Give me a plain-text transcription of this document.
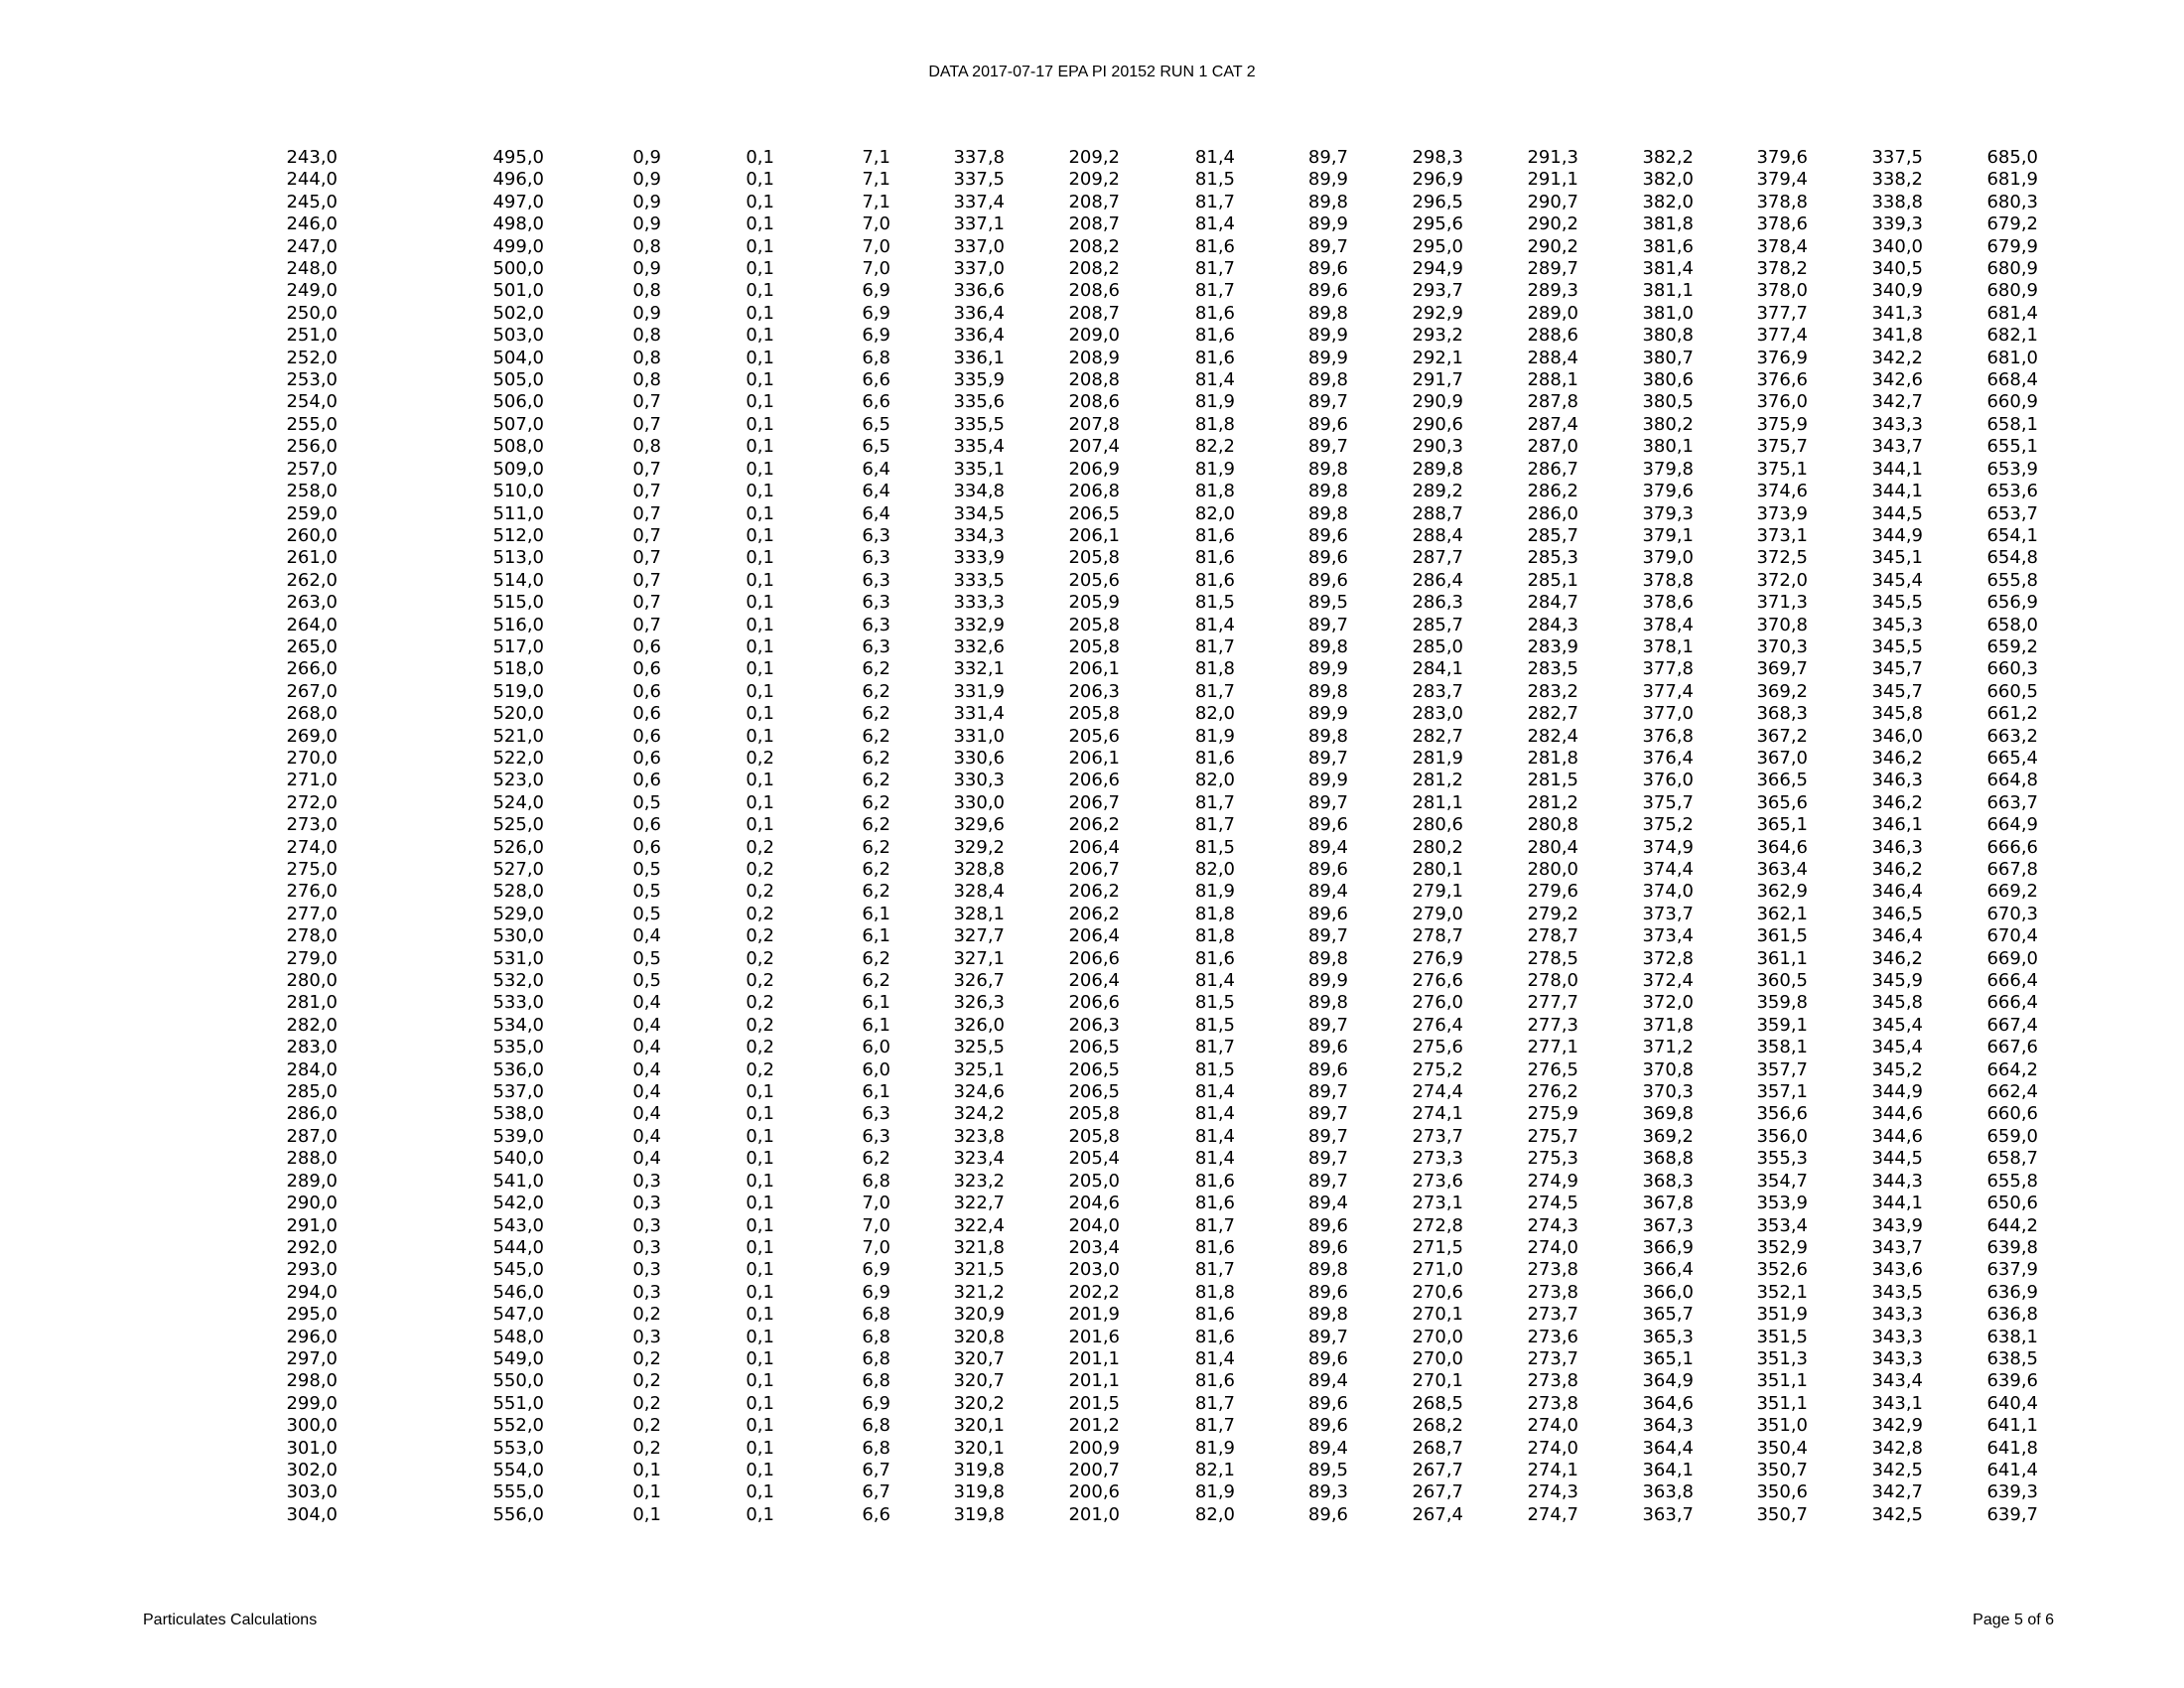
DATA 2017-07-17 EPA PI 20152 RUN 1 CAT 2
243,0	495,0	0,9	0,1	7,1	337,8	209,2	81,4	89,7	298,3	291,3	382,2	379,6	337,5	685,0
244,0	496,0	0,9	0,1	7,1	337,5	209,2	81,5	89,9	296,9	291,1	382,0	379,4	338,2	681,9
245,0	497,0	0,9	0,1	7,1	337,4	208,7	81,7	89,8	296,5	290,7	382,0	378,8	338,8	680,3
246,0	498,0	0,9	0,1	7,0	337,1	208,7	81,4	89,9	295,6	290,2	381,8	378,6	339,3	679,2
247,0	499,0	0,8	0,1	7,0	337,0	208,2	81,6	89,7	295,0	290,2	381,6	378,4	340,0	679,9
248,0	500,0	0,9	0,1	7,0	337,0	208,2	81,7	89,6	294,9	289,7	381,4	378,2	340,5	680,9
249,0	501,0	0,8	0,1	6,9	336,6	208,6	81,7	89,6	293,7	289,3	381,1	378,0	340,9	680,9
250,0	502,0	0,9	0,1	6,9	336,4	208,7	81,6	89,8	292,9	289,0	381,0	377,7	341,3	681,4
251,0	503,0	0,8	0,1	6,9	336,4	209,0	81,6	89,9	293,2	288,6	380,8	377,4	341,8	682,1
252,0	504,0	0,8	0,1	6,8	336,1	208,9	81,6	89,9	292,1	288,4	380,7	376,9	342,2	681,0
253,0	505,0	0,8	0,1	6,6	335,9	208,8	81,4	89,8	291,7	288,1	380,6	376,6	342,6	668,4
254,0	506,0	0,7	0,1	6,6	335,6	208,6	81,9	89,7	290,9	287,8	380,5	376,0	342,7	660,9
255,0	507,0	0,7	0,1	6,5	335,5	207,8	81,8	89,6	290,6	287,4	380,2	375,9	343,3	658,1
256,0	508,0	0,8	0,1	6,5	335,4	207,4	82,2	89,7	290,3	287,0	380,1	375,7	343,7	655,1
257,0	509,0	0,7	0,1	6,4	335,1	206,9	81,9	89,8	289,8	286,7	379,8	375,1	344,1	653,9
258,0	510,0	0,7	0,1	6,4	334,8	206,8	81,8	89,8	289,2	286,2	379,6	374,6	344,1	653,6
259,0	511,0	0,7	0,1	6,4	334,5	206,5	82,0	89,8	288,7	286,0	379,3	373,9	344,5	653,7
260,0	512,0	0,7	0,1	6,3	334,3	206,1	81,6	89,6	288,4	285,7	379,1	373,1	344,9	654,1
261,0	513,0	0,7	0,1	6,3	333,9	205,8	81,6	89,6	287,7	285,3	379,0	372,5	345,1	654,8
262,0	514,0	0,7	0,1	6,3	333,5	205,6	81,6	89,6	286,4	285,1	378,8	372,0	345,4	655,8
263,0	515,0	0,7	0,1	6,3	333,3	205,9	81,5	89,5	286,3	284,7	378,6	371,3	345,5	656,9
264,0	516,0	0,7	0,1	6,3	332,9	205,8	81,4	89,7	285,7	284,3	378,4	370,8	345,3	658,0
265,0	517,0	0,6	0,1	6,3	332,6	205,8	81,7	89,8	285,0	283,9	378,1	370,3	345,5	659,2
266,0	518,0	0,6	0,1	6,2	332,1	206,1	81,8	89,9	284,1	283,5	377,8	369,7	345,7	660,3
267,0	519,0	0,6	0,1	6,2	331,9	206,3	81,7	89,8	283,7	283,2	377,4	369,2	345,7	660,5
268,0	520,0	0,6	0,1	6,2	331,4	205,8	82,0	89,9	283,0	282,7	377,0	368,3	345,8	661,2
269,0	521,0	0,6	0,1	6,2	331,0	205,6	81,9	89,8	282,7	282,4	376,8	367,2	346,0	663,2
270,0	522,0	0,6	0,2	6,2	330,6	206,1	81,6	89,7	281,9	281,8	376,4	367,0	346,2	665,4
271,0	523,0	0,6	0,1	6,2	330,3	206,6	82,0	89,9	281,2	281,5	376,0	366,5	346,3	664,8
272,0	524,0	0,5	0,1	6,2	330,0	206,7	81,7	89,7	281,1	281,2	375,7	365,6	346,2	663,7
273,0	525,0	0,6	0,1	6,2	329,6	206,2	81,7	89,6	280,6	280,8	375,2	365,1	346,1	664,9
274,0	526,0	0,6	0,2	6,2	329,2	206,4	81,5	89,4	280,2	280,4	374,9	364,6	346,3	666,6
275,0	527,0	0,5	0,2	6,2	328,8	206,7	82,0	89,6	280,1	280,0	374,4	363,4	346,2	667,8
276,0	528,0	0,5	0,2	6,2	328,4	206,2	81,9	89,4	279,1	279,6	374,0	362,9	346,4	669,2
277,0	529,0	0,5	0,2	6,1	328,1	206,2	81,8	89,6	279,0	279,2	373,7	362,1	346,5	670,3
278,0	530,0	0,4	0,2	6,1	327,7	206,4	81,8	89,7	278,7	278,7	373,4	361,5	346,4	670,4
279,0	531,0	0,5	0,2	6,2	327,1	206,6	81,6	89,8	276,9	278,5	372,8	361,1	346,2	669,0
280,0	532,0	0,5	0,2	6,2	326,7	206,4	81,4	89,9	276,6	278,0	372,4	360,5	345,9	666,4
281,0	533,0	0,4	0,2	6,1	326,3	206,6	81,5	89,8	276,0	277,7	372,0	359,8	345,8	666,4
282,0	534,0	0,4	0,2	6,1	326,0	206,3	81,5	89,7	276,4	277,3	371,8	359,1	345,4	667,4
283,0	535,0	0,4	0,2	6,0	325,5	206,5	81,7	89,6	275,6	277,1	371,2	358,1	345,4	667,6
284,0	536,0	0,4	0,2	6,0	325,1	206,5	81,5	89,6	275,2	276,5	370,8	357,7	345,2	664,2
285,0	537,0	0,4	0,1	6,1	324,6	206,5	81,4	89,7	274,4	276,2	370,3	357,1	344,9	662,4
286,0	538,0	0,4	0,1	6,3	324,2	205,8	81,4	89,7	274,1	275,9	369,8	356,6	344,6	660,6
287,0	539,0	0,4	0,1	6,3	323,8	205,8	81,4	89,7	273,7	275,7	369,2	356,0	344,6	659,0
288,0	540,0	0,4	0,1	6,2	323,4	205,4	81,4	89,7	273,3	275,3	368,8	355,3	344,5	658,7
289,0	541,0	0,3	0,1	6,8	323,2	205,0	81,6	89,7	273,6	274,9	368,3	354,7	344,3	655,8
290,0	542,0	0,3	0,1	7,0	322,7	204,6	81,6	89,4	273,1	274,5	367,8	353,9	344,1	650,6
291,0	543,0	0,3	0,1	7,0	322,4	204,0	81,7	89,6	272,8	274,3	367,3	353,4	343,9	644,2
292,0	544,0	0,3	0,1	7,0	321,8	203,4	81,6	89,6	271,5	274,0	366,9	352,9	343,7	639,8
293,0	545,0	0,3	0,1	6,9	321,5	203,0	81,7	89,8	271,0	273,8	366,4	352,6	343,6	637,9
294,0	546,0	0,3	0,1	6,9	321,2	202,2	81,8	89,6	270,6	273,8	366,0	352,1	343,5	636,9
295,0	547,0	0,2	0,1	6,8	320,9	201,9	81,6	89,8	270,1	273,7	365,7	351,9	343,3	636,8
296,0	548,0	0,3	0,1	6,8	320,8	201,6	81,6	89,7	270,0	273,6	365,3	351,5	343,3	638,1
297,0	549,0	0,2	0,1	6,8	320,7	201,1	81,4	89,6	270,0	273,7	365,1	351,3	343,3	638,5
298,0	550,0	0,2	0,1	6,8	320,7	201,1	81,6	89,4	270,1	273,8	364,9	351,1	343,4	639,6
299,0	551,0	0,2	0,1	6,9	320,2	201,5	81,7	89,6	268,5	273,8	364,6	351,1	343,1	640,4
300,0	552,0	0,2	0,1	6,8	320,1	201,2	81,7	89,6	268,2	274,0	364,3	351,0	342,9	641,1
301,0	553,0	0,2	0,1	6,8	320,1	200,9	81,9	89,4	268,7	274,0	364,4	350,4	342,8	641,8
302,0	554,0	0,1	0,1	6,7	319,8	200,7	82,1	89,5	267,7	274,1	364,1	350,7	342,5	641,4
303,0	555,0	0,1	0,1	6,7	319,8	200,6	81,9	89,3	267,7	274,3	363,8	350,6	342,7	639,3
304,0	556,0	0,1	0,1	6,6	319,8	201,0	82,0	89,6	267,4	274,7	363,7	350,7	342,5	639,7
Particulates Calculations	Page 5 of 6
